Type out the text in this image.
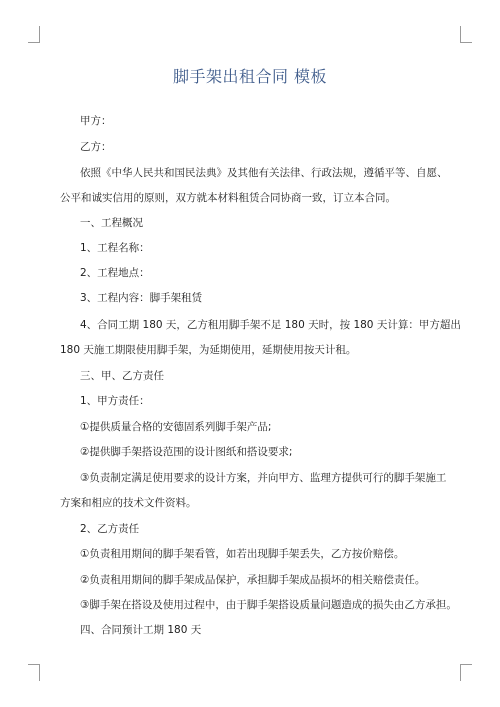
脚手架出租合同 模板
甲方：
乙方：
依照《中华人民共和国民法典》及其他有关法律、行政法规，遵循平等、自愿、
公平和诚实信用的原则，双方就本材料租赁合同协商一致，订立本合同。
一、工程概况
1、工程名称：
2、工程地点：
3、工程内容：脚手架租赁
4、合同工期 180 天，乙方租用脚手架不足 180 天时，按 180 天计算：甲方超出
180 天施工期限使用脚手架，为延期使用，延期使用按天计租。
三、甲、乙方责任
1、甲方责任：
①提供质量合格的安德固系列脚手架产品;
②提供脚手架搭设范围的设计图纸和搭设要求;
③负责制定满足使用要求的设计方案，并向甲方、监理方提供可行的脚手架施工
方案和相应的技术文件资料。
2、乙方责任
①负责租用期间的脚手架看管，如若出现脚手架丢失，乙方按价赔偿。
②负责租用期间的脚手架成品保护，承担脚手架成品损坏的相关赔偿责任。
③脚手架在搭设及使用过程中，由于脚手架搭设质量问题造成的损失由乙方承担。
四、合同预计工期 180 天
